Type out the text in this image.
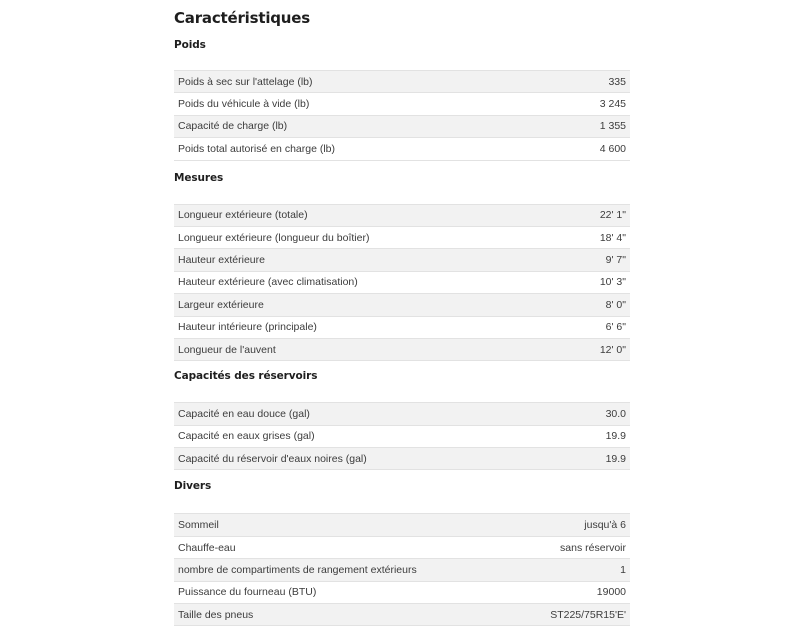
Caractéristiques
Poids
Poids à sec sur l'attelage (lb)	335
Poids du véhicule à vide (lb)	3 245
Capacité de charge (lb)	1 355
Poids total autorisé en charge (lb)	4 600
Mesures
Longueur extérieure (totale)	22' 1"
Longueur extérieure (longueur du boîtier)	18' 4"
Hauteur extérieure	9' 7"
Hauteur extérieure (avec climatisation)	10' 3"
Largeur extérieure	8' 0"
Hauteur intérieure (principale)	6' 6"
Longueur de l'auvent	12' 0"
Capacités des réservoirs
Capacité en eau douce (gal)	30.0
Capacité en eaux grises (gal)	19.9
Capacité du réservoir d'eaux noires (gal)	19.9
Divers
Sommeil	jusqu'à 6
Chauffe-eau	sans réservoir
nombre de compartiments de rangement extérieurs	1
Puissance du fourneau (BTU)	19000
Taille des pneus	ST225/75R15'E'
